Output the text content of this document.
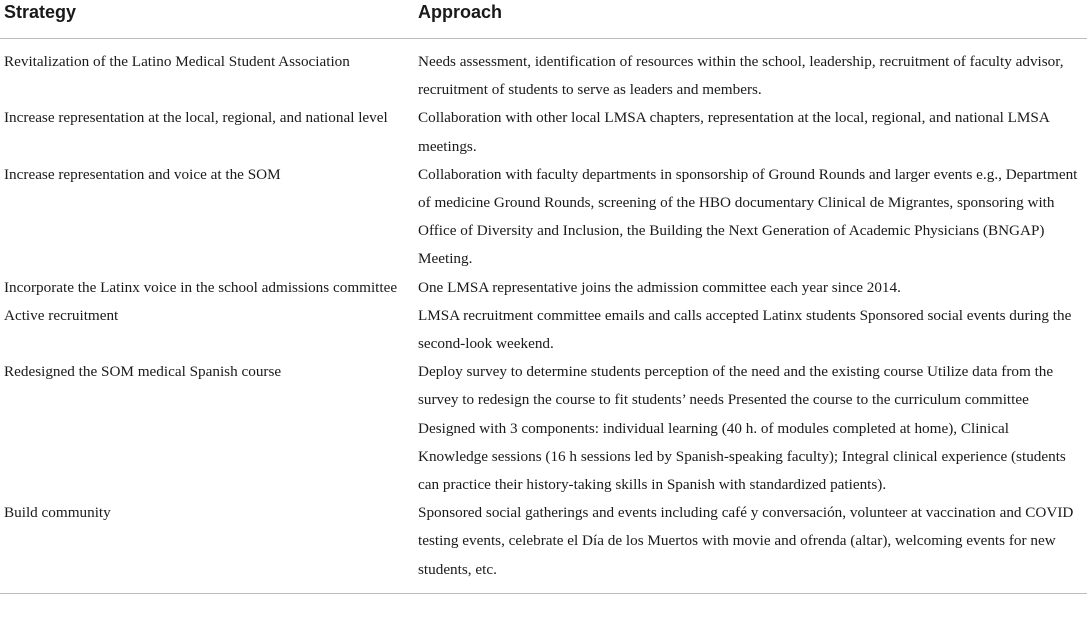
Strategy	Approach
Revitalization of the Latino Medical Student Association	Needs assessment, identification of resources within the school, leadership, recruitment of faculty advisor, recruitment of students to serve as leaders and members.
Increase representation at the local, regional, and national level	Collaboration with other local LMSA chapters, representation at the local, regional, and national LMSA meetings.
Increase representation and voice at the SOM	Collaboration with faculty departments in sponsorship of Ground Rounds and larger events e.g., Department of medicine Ground Rounds, screening of the HBO documentary Clinical de Migrantes, sponsoring with Office of Diversity and Inclusion, the Building the Next Generation of Academic Physicians (BNGAP) Meeting.
Incorporate the Latinx voice in the school admissions committee	One LMSA representative joins the admission committee each year since 2014.
Active recruitment	LMSA recruitment committee emails and calls accepted Latinx students Sponsored social events during the second-look weekend.
Redesigned the SOM medical Spanish course	Deploy survey to determine students perception of the need and the existing course Utilize data from the survey to redesign the course to fit students’ needs Presented the course to the curriculum committee Designed with 3 components: individual learning (40 h. of modules completed at home), Clinical Knowledge sessions (16 h sessions led by Spanish-speaking faculty); Integral clinical experience (students can practice their history-taking skills in Spanish with standardized patients).
Build community	Sponsored social gatherings and events including café y conversación, volunteer at vaccination and COVID testing events, celebrate el Día de los Muertos with movie and ofrenda (altar), welcoming events for new students, etc.
